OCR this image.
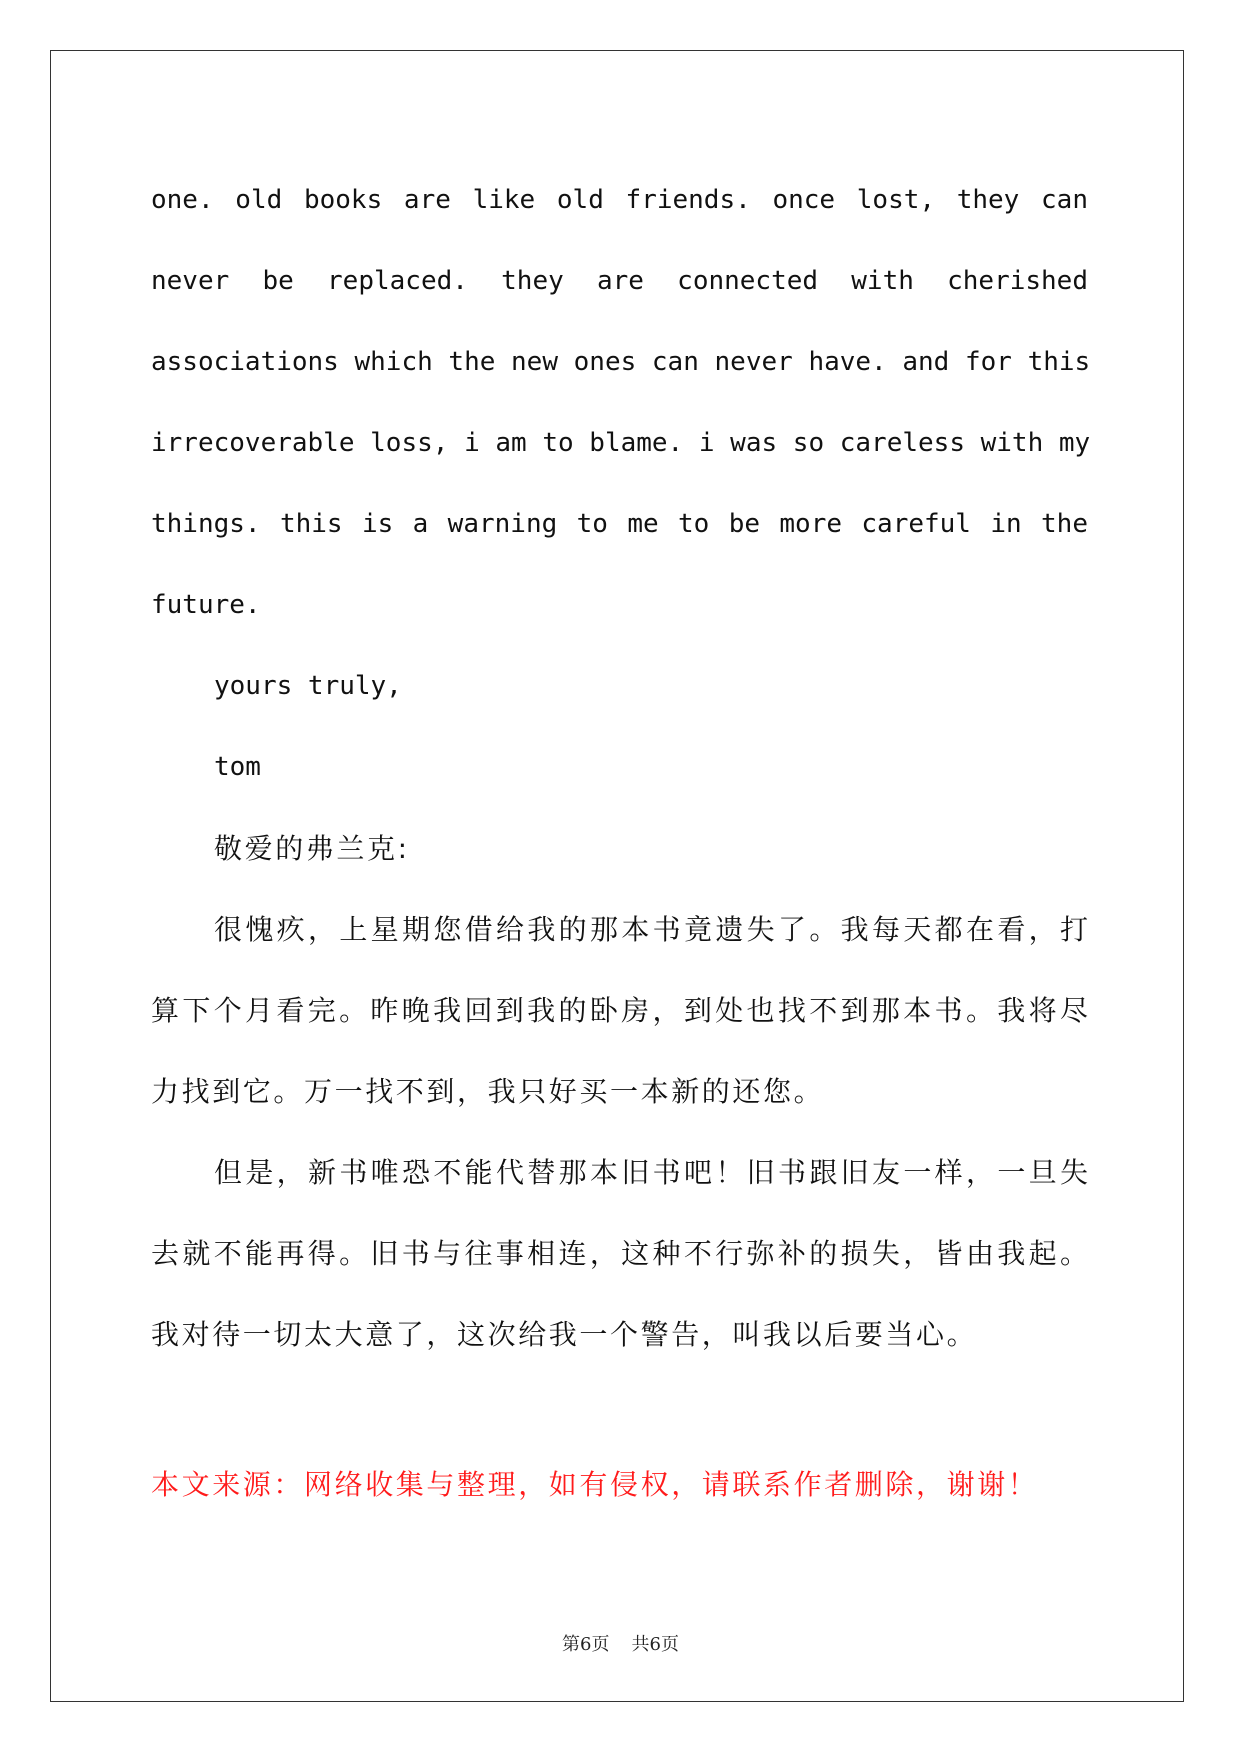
one. old books are like old friends. once lost, they can
never be replaced. they are connected with cherished
associations which the new ones can never have. and for this
irrecoverable loss, i am to blame. i was so careless with my
things. this is a warning to me to be more careful in the
future.
yours truly,
tom
敬爱的弗兰克:
很愧疚，上星期您借给我的那本书竟遗失了。我每天都在看，打
算下个月看完。昨晚我回到我的卧房，到处也找不到那本书。我将尽
力找到它。万一找不到，我只好买一本新的还您。
但是，新书唯恐不能代替那本旧书吧！旧书跟旧友一样，一旦失
去就不能再得。旧书与往事相连，这种不行弥补的损失，皆由我起。
我对待一切太大意了，这次给我一个警告，叫我以后要当心。
本文来源：网络收集与整理，如有侵权，请联系作者删除，谢谢！
第6页 共6页
